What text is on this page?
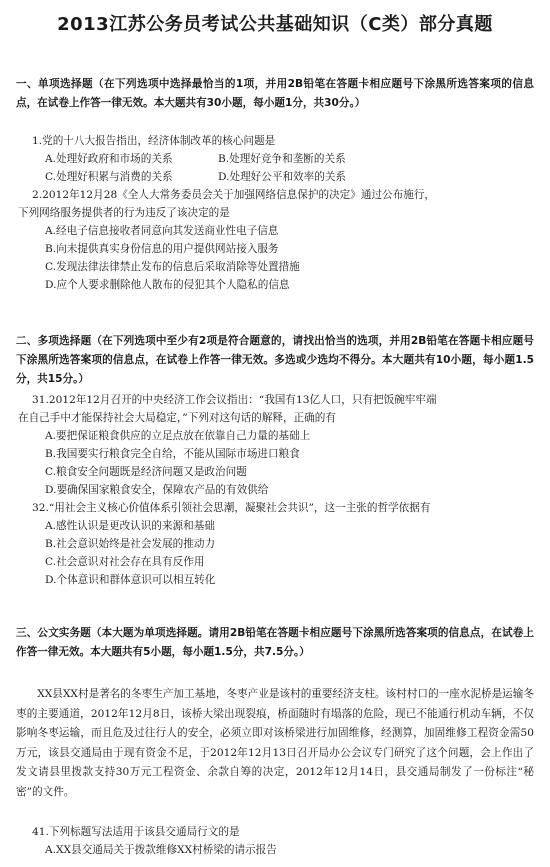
2013江苏公务员考试公共基础知识（C类）部分真题
一、单项选择题（在下列选项中选择最恰当的1项，并用2B铅笔在答题卡相应题号下涂黑所选答案项的信息点，在试卷上作答一律无效。本大题共有30小题，每小题1分，共30分。）
1.党的十八大报告指出，经济体制改革的核心问题是
A.处理好政府和市场的关系	B.处理好竞争和垄断的关系
C.处理好积累与消费的关系	D.处理好公平和效率的关系
2.2012年12月28《全人大常务委员会关于加强网络信息保护的决定》通过公布施行，
下列网络服务提供者的行为违反了该决定的是
A.经电子信息接收者同意向其发送商业性电子信息
B.向未提供真实身份信息的用户提供网站接入服务
C.发现法律法律禁止发布的信息后采取消除等处置措施
D.应个人要求删除他人散布的侵犯其个人隐私的信息
二、多项选择题（在下列选项中至少有2项是符合题意的，请找出恰当的选项，并用2B铅笔在答题卡相应题号下涂黑所选答案项的信息点，在试卷上作答一律无效。多选或少选均不得分。本大题共有10小题，每小题1.5分，共15分。）
31.2012年12月召开的中央经济工作会议指出：“我国有13亿人口，只有把饭碗牢牢端
在自己手中才能保持社会大局稳定，”下列对这句话的解释，正确的有
A.要把保证粮食供应的立足点放在依靠自己力量的基础上
B.我国要实行粮食完全自给，不能从国际市场进口粮食
C.粮食安全问题既是经济问题又是政治问题
D.要确保国家粮食安全，保障农产品的有效供给
32.“用社会主义核心价值体系引领社会思潮，凝聚社会共识”，这一主张的哲学依据有
A.感性认识是更改认识的来源和基础
B.社会意识始终是社会发展的推动力
C.社会意识对社会存在具有反作用
D.个体意识和群体意识可以相互转化
三、公文实务题（本大题为单项选择题。请用2B铅笔在答题卡相应题号下涂黑所选答案项的信息点，在试卷上作答一律无效。本大题共有5小题，每小题1.5分，共7.5分。）
XX县XX村是著名的冬枣生产加工基地，冬枣产业是该村的重要经济支柱。该村村口的一座水泥桥是运输冬枣的主要通道，2012年12月8日，该桥大梁出现裂痕，桥面随时有塌落的危险，现已不能通行机动车辆，不仅影响冬枣运输，而且危及过往行人的安全，必须立即对该桥梁进行加固维修，经测算，加固维修工程资金需50万元，该县交通局由于现有资金不足，于2012年12月13日召开局办公会议专门研究了这个问题，会上作出了发文请县里拨款支持30万元工程资金、余款自筹的决定，2012年12月14日，县交通局制发了一份标注“秘密”的文件。
41.下列标题写法适用于该县交通局行文的是
A.XX县交通局关于拨款维修XX村桥梁的请示报告
